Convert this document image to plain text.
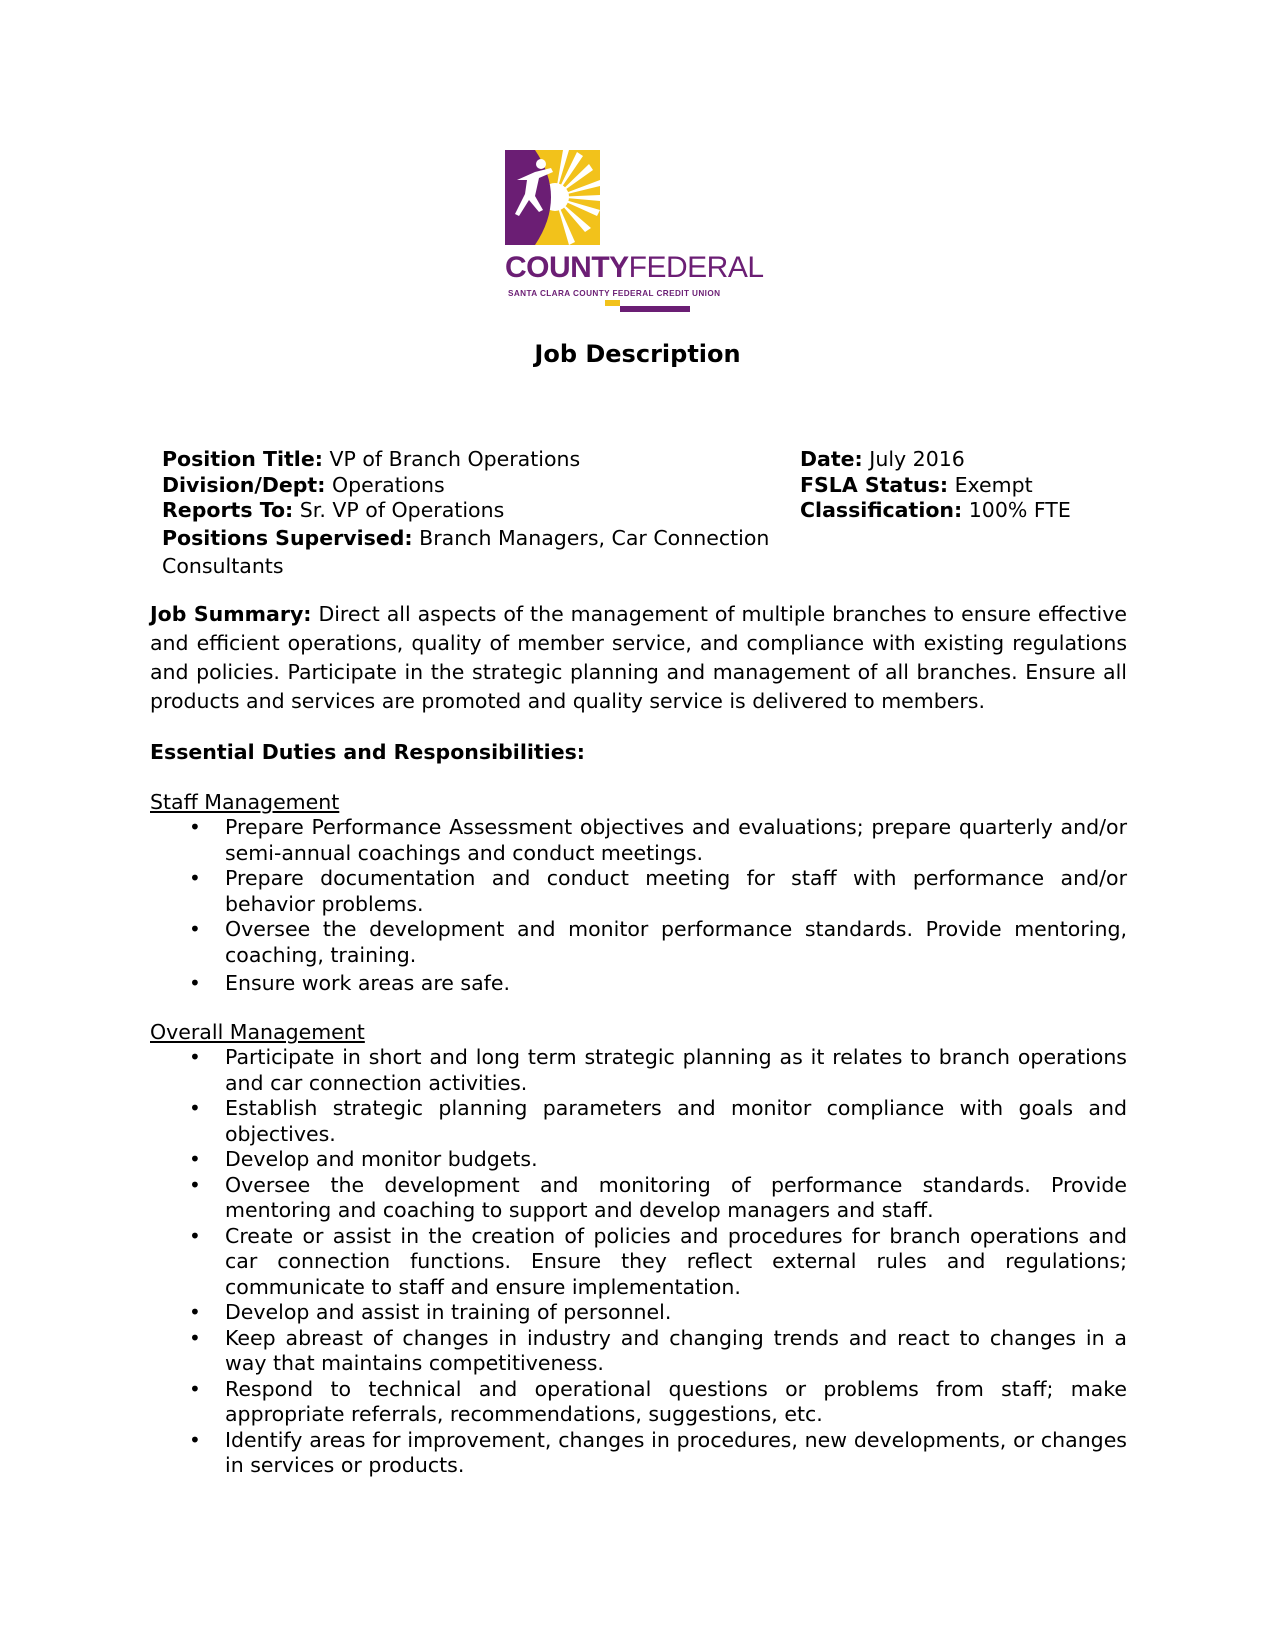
COUNTYFEDERAL
SANTA CLARA COUNTY FEDERAL CREDIT UNION
Job Description

Position Title: VP of Branch Operations

Division/Dept: Operations

Reports To: Sr. VP of Operations

Positions Supervised: Branch Managers, Car Connection Consultants

Date: July 2016

FSLA Status: Exempt

Classification: 100% FTE

Job Summary: Direct all aspects of the management of multiple branches to ensure effective and efficient operations, quality of member service, and compliance with existing regulations and policies. Participate in the strategic planning and management of all branches. Ensure all products and services are promoted and quality service is delivered to members.

Essential Duties and Responsibilities:

Staff Management

• Prepare Performance Assessment objectives and evaluations; prepare quarterly and/or semi-annual coachings and conduct meetings.
• Prepare documentation and conduct meeting for staff with performance and/or behavior problems.
• Oversee the development and monitor performance standards. Provide mentoring, coaching, training.
• Ensure work areas are safe.

Overall Management

• Participate in short and long term strategic planning as it relates to branch operations and car connection activities.
• Establish strategic planning parameters and monitor compliance with goals and objectives.
• Develop and monitor budgets.
• Oversee the development and monitoring of performance standards. Provide mentoring and coaching to support and develop managers and staff.
• Create or assist in the creation of policies and procedures for branch operations and car connection functions. Ensure they reflect external rules and regulations; communicate to staff and ensure implementation.
• Develop and assist in training of personnel.
• Keep abreast of changes in industry and changing trends and react to changes in a way that maintains competitiveness.
• Respond to technical and operational questions or problems from staff; make appropriate referrals, recommendations, suggestions, etc.
• Identify areas for improvement, changes in procedures, new developments, or changes in services or products.
